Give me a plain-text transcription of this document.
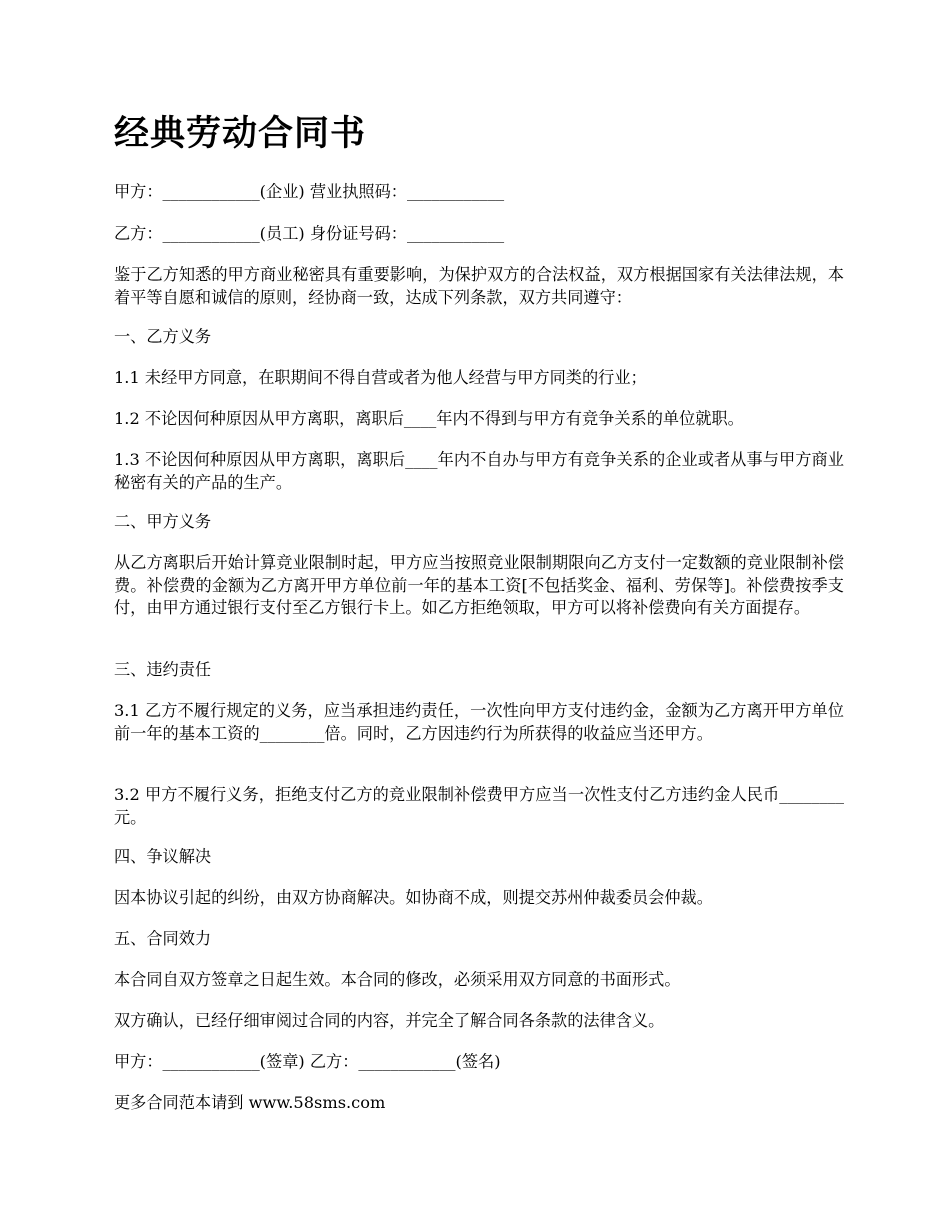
经典劳动合同书

甲方：____________(企业) 营业执照码：____________

乙方：____________(员工) 身份证号码：____________

鉴于乙方知悉的甲方商业秘密具有重要影响，为保护双方的合法权益，双方根据国家有关法律法规，本着平等自愿和诚信的原则，经协商一致，达成下列条款，双方共同遵守：

一、乙方义务

1.1 未经甲方同意，在职期间不得自营或者为他人经营与甲方同类的行业；

1.2 不论因何种原因从甲方离职，离职后____年内不得到与甲方有竞争关系的单位就职。

1.3 不论因何种原因从甲方离职，离职后____年内不自办与甲方有竞争关系的企业或者从事与甲方商业秘密有关的产品的生产。

二、甲方义务

从乙方离职后开始计算竞业限制时起，甲方应当按照竞业限制期限向乙方支付一定数额的竞业限制补偿费。补偿费的金额为乙方离开甲方单位前一年的基本工资[不包括奖金、福利、劳保等]。补偿费按季支付，由甲方通过银行支付至乙方银行卡上。如乙方拒绝领取，甲方可以将补偿费向有关方面提存。

三、违约责任

3.1 乙方不履行规定的义务，应当承担违约责任，一次性向甲方支付违约金，金额为乙方离开甲方单位前一年的基本工资的________倍。同时，乙方因违约行为所获得的收益应当还甲方。

3.2 甲方不履行义务，拒绝支付乙方的竞业限制补偿费甲方应当一次性支付乙方违约金人民币________元。

四、争议解决

因本协议引起的纠纷，由双方协商解决。如协商不成，则提交苏州仲裁委员会仲裁。

五、合同效力

本合同自双方签章之日起生效。本合同的修改，必须采用双方同意的书面形式。

双方确认，已经仔细审阅过合同的内容，并完全了解合同各条款的法律含义。

甲方：____________(签章) 乙方：____________(签名)

更多合同范本请到 www.58sms.com
